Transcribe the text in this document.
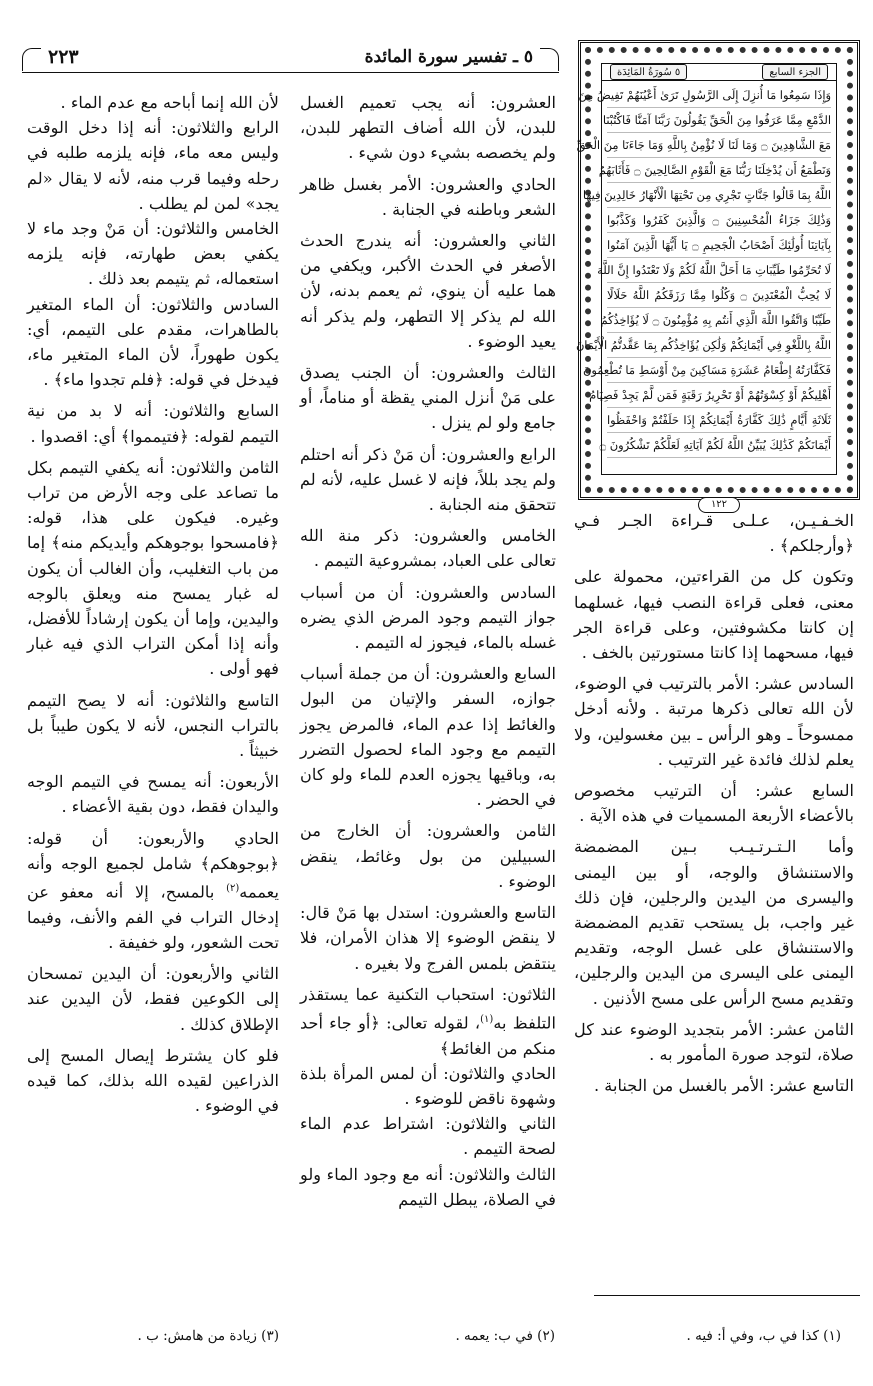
٢٢٣	٥ ـ تفسير سورة المائدة
الجزء السابع
٥ سُورَةُ المَائِدَة
وَإِذَا سَمِعُوا مَا أُنزِلَ إِلَى الرَّسُولِ تَرَىٰ أَعْيُنَهُمْ تَفِيضُ مِنَ
الدَّمْعِ مِمَّا عَرَفُوا مِنَ الْحَقِّ يَقُولُونَ رَبَّنَا آمَنَّا فَاكْتُبْنَا
مَعَ الشَّاهِدِينَ ۝ وَمَا لَنَا لَا نُؤْمِنُ بِاللَّهِ وَمَا جَاءَنَا مِنَ الْحَقِّ
وَنَطْمَعُ أَن يُدْخِلَنَا رَبُّنَا مَعَ الْقَوْمِ الصَّالِحِينَ ۝ فَأَثَابَهُمُ
اللَّهُ بِمَا قَالُوا جَنَّاتٍ تَجْرِي مِن تَحْتِهَا الْأَنْهَارُ خَالِدِينَ فِيهَا
وَذَٰلِكَ جَزَاءُ الْمُحْسِنِينَ ۝ وَالَّذِينَ كَفَرُوا وَكَذَّبُوا
بِآيَاتِنَا أُولَٰئِكَ أَصْحَابُ الْجَحِيمِ ۝ يَا أَيُّهَا الَّذِينَ آمَنُوا
لَا تُحَرِّمُوا طَيِّبَاتِ مَا أَحَلَّ اللَّهُ لَكُمْ وَلَا تَعْتَدُوا إِنَّ اللَّهَ
لَا يُحِبُّ الْمُعْتَدِينَ ۝ وَكُلُوا مِمَّا رَزَقَكُمُ اللَّهُ حَلَالًا
طَيِّبًا وَاتَّقُوا اللَّهَ الَّذِي أَنتُم بِهِ مُؤْمِنُونَ ۝ لَا يُؤَاخِذُكُمُ
اللَّهُ بِاللَّغْوِ فِي أَيْمَانِكُمْ وَلَٰكِن يُؤَاخِذُكُم بِمَا عَقَّدتُّمُ الْأَيْمَانَ
فَكَفَّارَتُهُ إِطْعَامُ عَشَرَةِ مَسَاكِينَ مِنْ أَوْسَطِ مَا تُطْعِمُونَ
أَهْلِيكُمْ أَوْ كِسْوَتُهُمْ أَوْ تَحْرِيرُ رَقَبَةٍ فَمَن لَّمْ يَجِدْ فَصِيَامُ
ثَلَاثَةِ أَيَّامٍ ذَٰلِكَ كَفَّارَةُ أَيْمَانِكُمْ إِذَا حَلَفْتُمْ وَاحْفَظُوا
أَيْمَانَكُمْ كَذَٰلِكَ يُبَيِّنُ اللَّهُ لَكُمْ آيَاتِهِ لَعَلَّكُمْ تَشْكُرُونَ ۝
١٢٢

الخـفـيـن، عـلـى قـراءة الجـر فـي ﴿وأرجلكم﴾ .

وتكون كل من القراءتين، محمولة على معنى، فعلى قراءة النصب فيها، غسلهما إن كانتا مكشوفتين، وعلى قراءة الجر فيها، مسحهما إذا كانتا مستورتين بالخف .

السادس عشر: الأمر بالترتيب في الوضوء، لأن الله تعالى ذكرها مرتبة . ولأنه أدخل ممسوحاً ـ وهو الرأس ـ بين مغسولين، ولا يعلم لذلك فائدة غير الترتيب .

السابع عشر: أن الترتيب مخصوص بالأعضاء الأربعة المسميات في هذه الآية .

وأما الـتـرتـيـب بـين المضمضة والاستنشاق والوجه، أو بين اليمنى واليسرى من اليدين والرجلين، فإن ذلك غير واجب، بل يستحب تقديم المضمضة والاستنشاق على غسل الوجه، وتقديم اليمنى على اليسرى من اليدين والرجلين، وتقديم مسح الرأس على مسح الأذنين .

الثامن عشر: الأمر بتجديد الوضوء عند كل صلاة، لتوجد صورة المأمور به .

التاسع عشر: الأمر بالغسل من الجنابة .

العشرون: أنه يجب تعميم الغسل للبدن، لأن الله أضاف التطهر للبدن، ولم يخصصه بشيء دون شيء .

الحادي والعشرون: الأمر بغسل ظاهر الشعر وباطنه في الجنابة .

الثاني والعشرون: أنه يندرج الحدث الأصغر في الحدث الأكبر، ويكفي من هما عليه أن ينوي، ثم يعمم بدنه، لأن الله لم يذكر إلا التطهر، ولم يذكر أنه يعيد الوضوء .

الثالث والعشرون: أن الجنب يصدق على مَنْ أنزل المني يقظة أو مناماً، أو جامع ولو لم ينزل .

الرابع والعشرون: أن مَنْ ذكر أنه احتلم ولم يجد بللاً، فإنه لا غسل عليه، لأنه لم تتحقق منه الجنابة .

الخامس والعشرون: ذكر منة الله تعالى على العباد، بمشروعية التيمم .

السادس والعشرون: أن من أسباب جواز التيمم وجود المرض الذي يضره غسله بالماء، فيجوز له التيمم .

السابع والعشرون: أن من جملة أسباب جوازه، السفر والإتيان من البول والغائط إذا عدم الماء، فالمرض يجوز التيمم مع وجود الماء لحصول التضرر به، وباقيها يجوزه العدم للماء ولو كان في الحضر .

الثامن والعشرون: أن الخارج من السبيلين من بول وغائط، ينقض الوضوء .

التاسع والعشرون: استدل بها مَنْ قال: لا ينقض الوضوء إلا هذان الأمران، فلا ينتقض بلمس الفرج ولا بغيره .

الثلاثون: استحباب التكنية عما يستقذر التلفظ به$^{(١)}$، لقوله تعالى: ﴿أو جاء أحد منكم من الغائط﴾

الحادي والثلاثون: أن لمس المرأة بلذة وشهوة ناقض للوضوء .

الثاني والثلاثون: اشتراط عدم الماء لصحة التيمم .

الثالث والثلاثون: أنه مع وجود الماء ولو في الصلاة، يبطل التيمم

لأن الله إنما أباحه مع عدم الماء .

الرابع والثلاثون: أنه إذا دخل الوقت وليس معه ماء، فإنه يلزمه طلبه في رحله وفيما قرب منه، لأنه لا يقال «لم يجد» لمن لم يطلب .

الخامس والثلاثون: أن مَنْ وجد ماء لا يكفي بعض طهارته، فإنه يلزمه استعماله، ثم يتيمم بعد ذلك .

السادس والثلاثون: أن الماء المتغير بالطاهرات، مقدم على التيمم، أي: يكون طهوراً، لأن الماء المتغير ماء، فيدخل في قوله: ﴿فلم تجدوا ماء﴾ .

السابع والثلاثون: أنه لا بد من نية التيمم لقوله: ﴿فتيمموا﴾ أي: اقصدوا .

الثامن والثلاثون: أنه يكفي التيمم بكل ما تصاعد على وجه الأرض من تراب وغيره. فيكون على هذا، قوله: ﴿فامسحوا بوجوهكم وأيديكم منه﴾ إما من باب التغليب، وأن الغالب أن يكون له غبار يمسح منه ويعلق بالوجه واليدين، وإما أن يكون إرشاداً للأفضل، وأنه إذا أمكن التراب الذي فيه غبار فهو أولى .

التاسع والثلاثون: أنه لا يصح التيمم بالتراب النجس، لأنه لا يكون طيباً بل خبيثاً .

الأربعون: أنه يمسح في التيمم الوجه واليدان فقط، دون بقية الأعضاء .

الحادي والأربعون: أن قوله: ﴿بوجوهكم﴾ شامل لجميع الوجه وأنه يعممه$^{(٢)}$ بالمسح، إلا أنه معفو عن إدخال التراب في الفم والأنف، وفيما تحت الشعور، ولو خفيفة .

الثاني والأربعون: أن اليدين تمسحان إلى الكوعين فقط، لأن اليدين عند الإطلاق كذلك .

فلو كان يشترط إيصال المسح إلى الذراعين لقيده الله بذلك، كما قيده في الوضوء .

(١) كذا في ب، وفي أ: فيه .
(٢) في ب: يعمه .
(٣) زيادة من هامش: ب .
